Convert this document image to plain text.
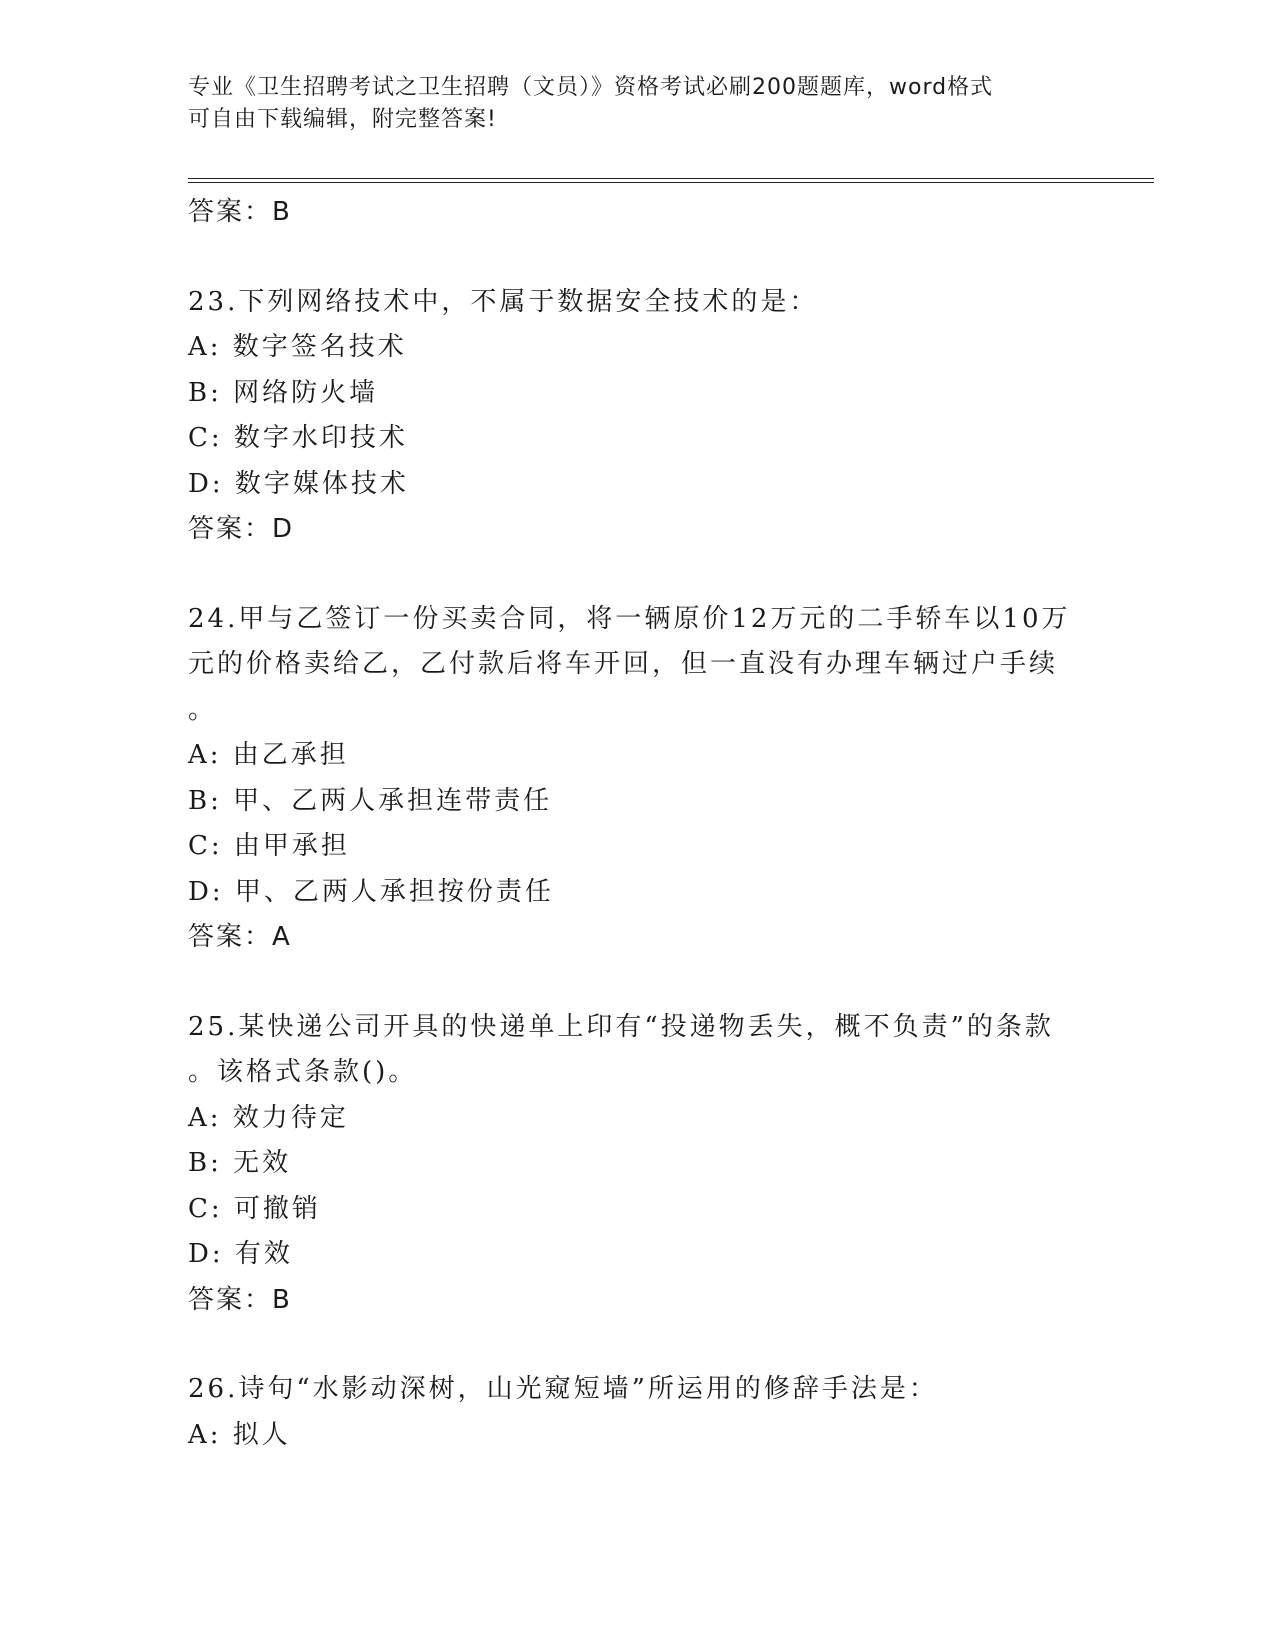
专业《卫生招聘考试之卫生招聘（文员）》资格考试必刷200题题库，word格式
可自由下载编辑，附完整答案!
答案：B
23.下列网络技术中，不属于数据安全技术的是：
A: 数字签名技术
B: 网络防火墙
C: 数字水印技术
D: 数字媒体技术
答案：D
24.甲与乙签订一份买卖合同，将一辆原价12万元的二手轿车以10万
元的价格卖给乙，乙付款后将车开回，但一直没有办理车辆过户手续
。
A: 由乙承担
B: 甲、乙两人承担连带责任
C: 由甲承担
D: 甲、乙两人承担按份责任
答案：A
25.某快递公司开具的快递单上印有“投递物丢失，概不负责”的条款
。该格式条款()。
A: 效力待定
B: 无效
C: 可撤销
D: 有效
答案：B
26.诗句“水影动深树，山光窥短墙”所运用的修辞手法是：
A: 拟人
